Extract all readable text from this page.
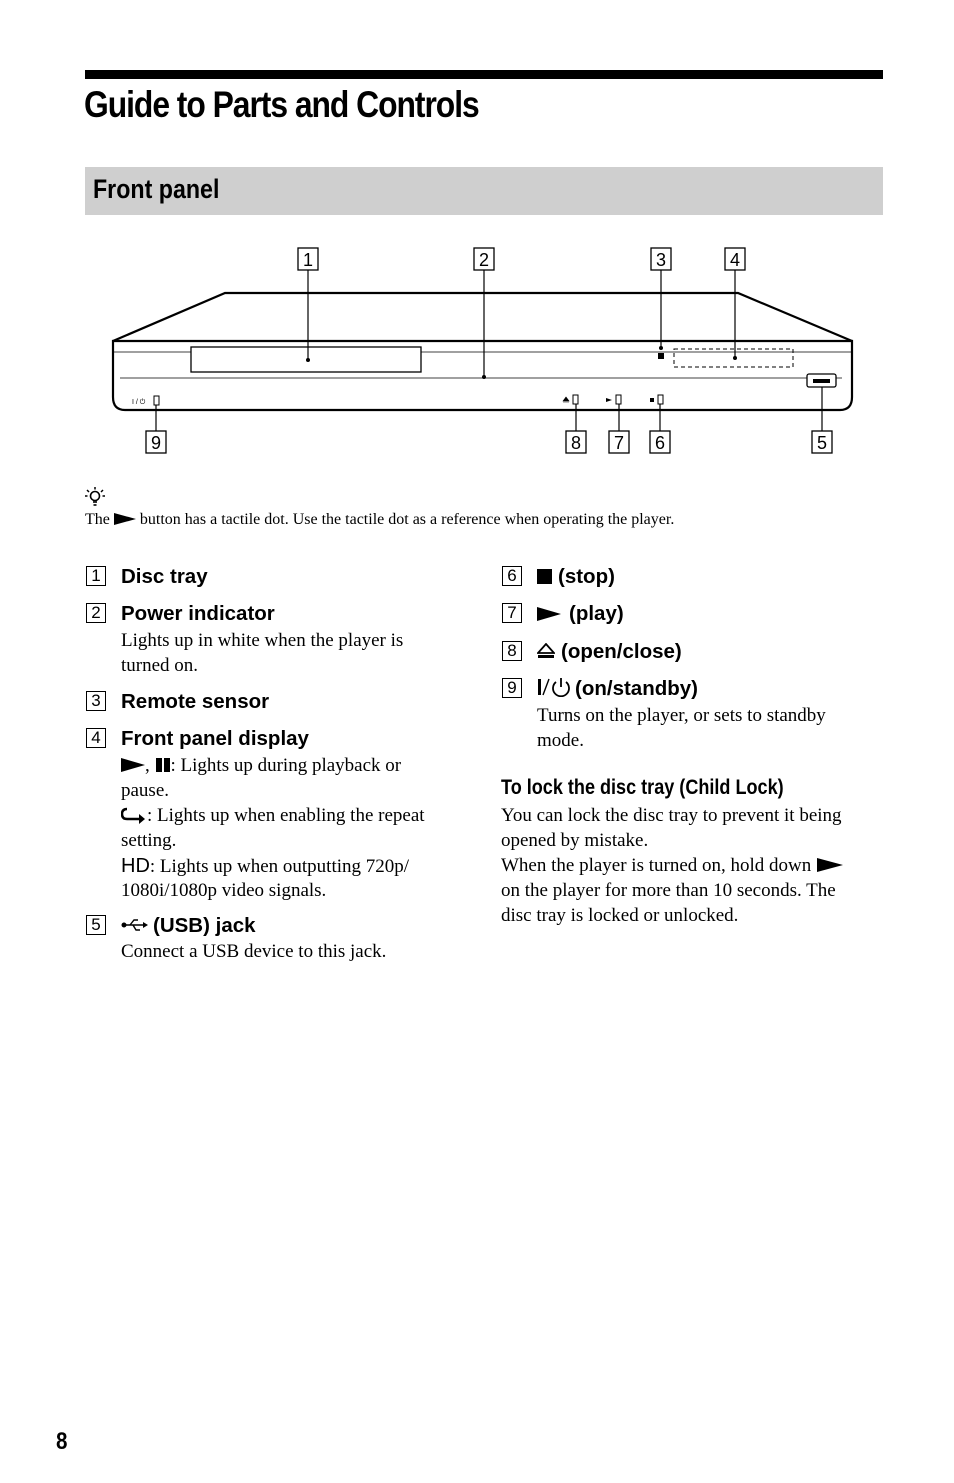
Guide to Parts and Controls
Front panel
I / ⏻
1	2	3	4
9	8 7 6	5
The button has a tactile dot. Use the tactile dot as a reference when operating the player.
1 Disc tray
2 Power indicator
Lights up in white when the player is
turned on.
3 Remote sensor
4 Front panel display
,
: Lights up during playback or
pause.
: Lights up when enabling the repeat
setting.
HD: Lights up when outputting 720p/
1080i/1080p video signals.
5	(USB) jack
Connect a USB device to this jack.
6	(stop)
7	(play)
8	(open/close)
9	(on/standby)
Turns on the player, or sets to standby
mode.
To lock the disc tray (Child Lock)
You can lock the disc tray to prevent it being
opened by mistake.
When the player is turned on, hold down
on the player for more than 10 seconds. The
disc tray is locked or unlocked.
8
